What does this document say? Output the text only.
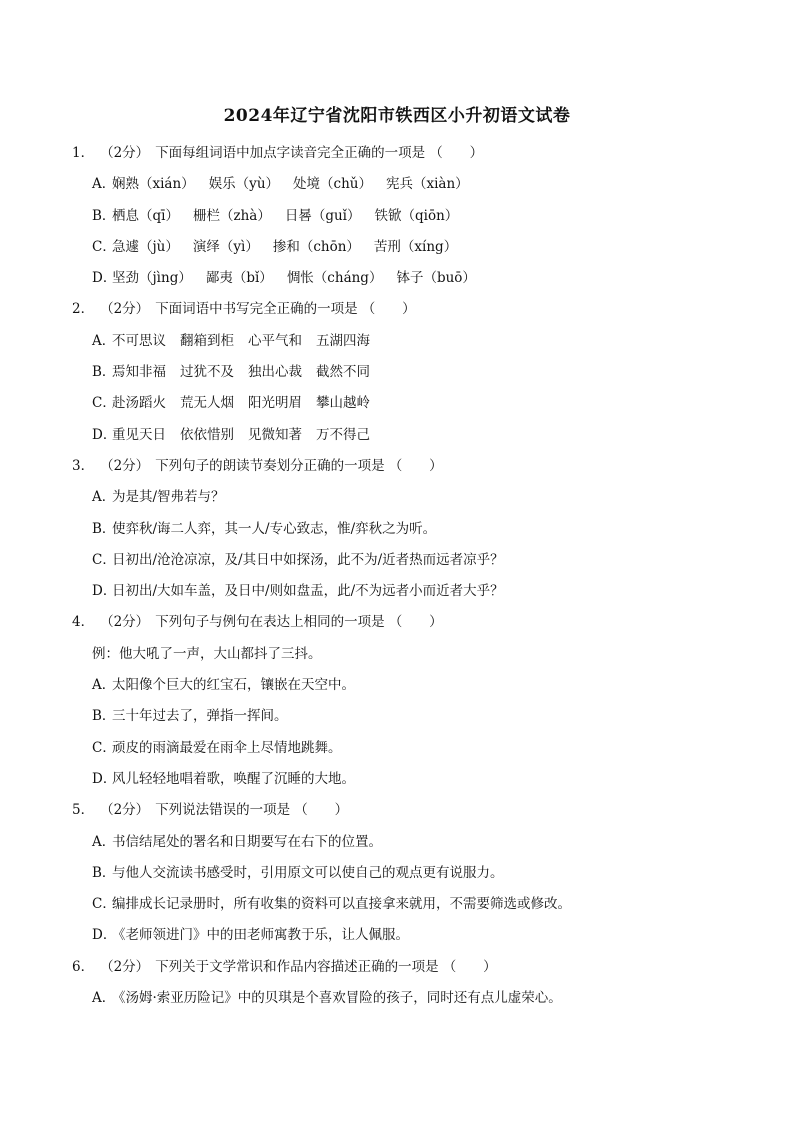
2024年辽宁省沈阳市铁西区小升初语文试卷
1． （2分） 下面每组词语中加点字读音完全正确的一项是 （　　）
A．娴熟（xián） 娱乐（yù） 处境（chǔ） 宪兵（xiàn）
B．栖息（qī） 栅栏（zhà） 日晷（guǐ） 铁锨（qiōn）
C．急遽（jù） 演绎（yì） 掺和（chōn） 苦刑（xíng）
D．坚劲（jìng） 鄙夷（bǐ） 惆怅（cháng） 钵子（buō）
2． （2分） 下面词语中书写完全正确的一项是 （　　）
A．不可思议 翻箱到柜 心平气和 五湖四海
B．焉知非福 过犹不及 独出心裁 截然不同
C．赴汤蹈火 荒无人烟 阳光明眉 攀山越岭
D．重见天日 依依惜别 见微知著 万不得己
3． （2分） 下列句子的朗读节奏划分正确的一项是 （　　）
A．为是其/智弗若与？
B．使弈秋/诲二人弈，其一人/专心致志，惟/弈秋之为听。
C．日初出/沧沧凉凉，及/其日中如探汤，此不为/近者热而远者凉乎？
D．日初出/大如车盖，及日中/则如盘盂，此/不为远者小而近者大乎？
4． （2分） 下列句子与例句在表达上相同的一项是 （　　）
例：他大吼了一声，大山都抖了三抖。
A．太阳像个巨大的红宝石，镶嵌在天空中。
B．三十年过去了，弹指一挥间。
C．顽皮的雨滴最爱在雨伞上尽情地跳舞。
D．风儿轻轻地唱着歌，唤醒了沉睡的大地。
5． （2分） 下列说法错误的一项是 （　　）
A．书信结尾处的署名和日期要写在右下的位置。
B．与他人交流读书感受时，引用原文可以使自己的观点更有说服力。
C．编排成长记录册时，所有收集的资料可以直接拿来就用，不需要筛选或修改。
D．《老师领进门》中的田老师寓教于乐，让人佩服。
6． （2分） 下列关于文学常识和作品内容描述正确的一项是 （　　）
A．《汤姆·索亚历险记》中的贝琪是个喜欢冒险的孩子，同时还有点儿虚荣心。
